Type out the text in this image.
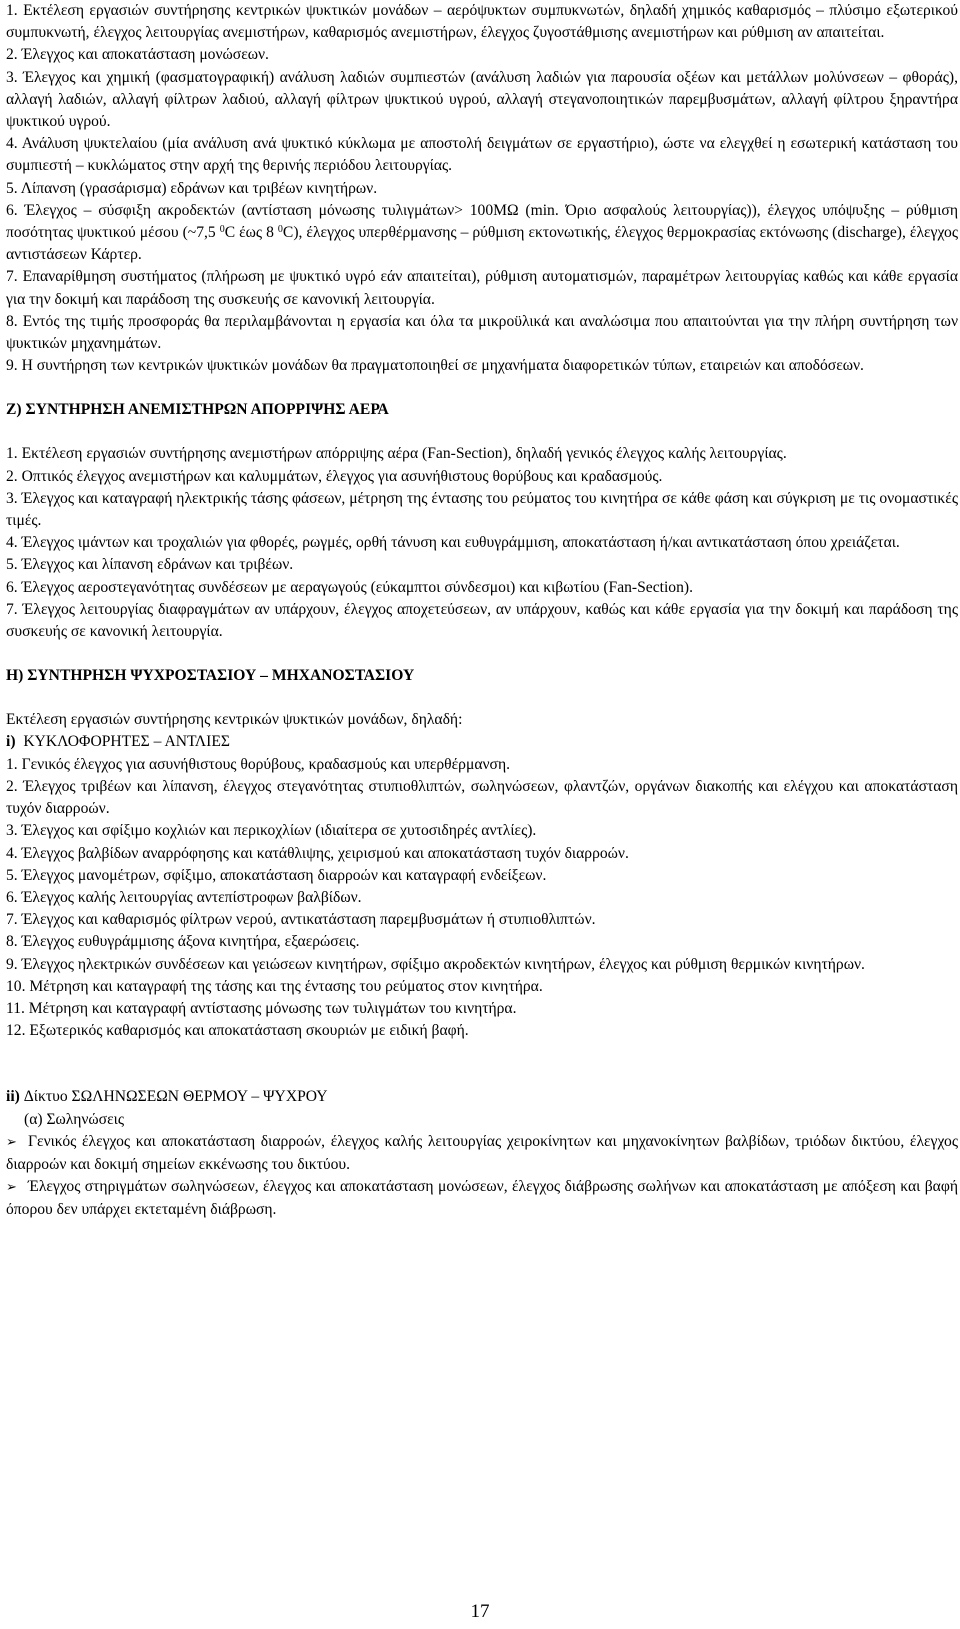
1. Εκτέλεση εργασιών συντήρησης κεντρικών ψυκτικών μονάδων – αερόψυκτων συμπυκνωτών, δηλαδή χημικός καθαρισμός – πλύσιμο εξωτερικού συμπυκνωτή, έλεγχος λειτουργίας ανεμιστήρων, καθαρισμός ανεμιστήρων, έλεγχος ζυγοστάθμισης ανεμιστήρων και ρύθμιση αν απαιτείται.

2. Έλεγχος και αποκατάσταση μονώσεων.

3. Έλεγχος και χημική (φασματογραφική) ανάλυση λαδιών συμπιεστών (ανάλυση λαδιών για παρουσία οξέων και μετάλλων μολύνσεων – φθοράς), αλλαγή λαδιών, αλλαγή φίλτρων λαδιού, αλλαγή φίλτρων ψυκτικού υγρού, αλλαγή στεγανοποιητικών παρεμβυσμάτων, αλλαγή φίλτρου ξηραντήρα ψυκτικού υγρού.

4. Ανάλυση ψυκτελαίου (μία ανάλυση ανά ψυκτικό κύκλωμα με αποστολή δειγμάτων σε εργαστήριο), ώστε να ελεγχθεί η εσωτερική κατάσταση του συμπιεστή – κυκλώματος στην αρχή της θερινής περιόδου λειτουργίας.

5. Λίπανση (γρασάρισμα) εδράνων και τριβέων κινητήρων.

6. Έλεγχος – σύσφιξη ακροδεκτών (αντίσταση μόνωσης τυλιγμάτων> 100ΜΩ (min. Όριο ασφαλούς λειτουργίας)), έλεγχος υπόψυξης – ρύθμιση ποσότητας ψυκτικού μέσου (~7,5 $^0$C έως 8 $^0$C), έλεγχος υπερθέρμανσης – ρύθμιση εκτονωτικής, έλεγχος θερμοκρασίας εκτόνωσης (discharge), έλεγχος αντιστάσεων Κάρτερ.

7. Επαναρίθμηση συστήματος (πλήρωση με ψυκτικό υγρό εάν απαιτείται), ρύθμιση αυτοματισμών, παραμέτρων λειτουργίας καθώς και κάθε εργασία για την δοκιμή και παράδοση της συσκευής σε κανονική λειτουργία.

8. Εντός της τιμής προσφοράς θα περιλαμβάνονται η εργασία και όλα τα μικροϋλικά και αναλώσιμα που απαιτούνται για την πλήρη συντήρηση των ψυκτικών μηχανημάτων.

9. Η συντήρηση των κεντρικών ψυκτικών μονάδων θα πραγματοποιηθεί σε μηχανήματα διαφορετικών τύπων, εταιρειών και αποδόσεων.

Ζ) ΣΥΝΤΗΡΗΣΗ ΑΝΕΜΙΣΤΗΡΩΝ ΑΠΟΡΡΙΨΗΣ ΑΕΡΑ

1. Εκτέλεση εργασιών συντήρησης ανεμιστήρων απόρριψης αέρα (Fan-Section), δηλαδή γενικός έλεγχος καλής λειτουργίας.

2. Οπτικός έλεγχος ανεμιστήρων και καλυμμάτων, έλεγχος για ασυνήθιστους θορύβους και κραδασμούς.

3. Έλεγχος και καταγραφή ηλεκτρικής τάσης φάσεων, μέτρηση της έντασης του ρεύματος του κινητήρα σε κάθε φάση και σύγκριση με τις ονομαστικές τιμές.

4. Έλεγχος ιμάντων και τροχαλιών για φθορές, ρωγμές, ορθή τάνυση και ευθυγράμμιση, αποκατάσταση ή/και αντικατάσταση όπου χρειάζεται.

5. Έλεγχος και λίπανση εδράνων και τριβέων.

6. Έλεγχος αεροστεγανότητας συνδέσεων με αεραγωγούς (εύκαμπτοι σύνδεσμοι) και κιβωτίου (Fan-Section).

7. Έλεγχος λειτουργίας διαφραγμάτων αν υπάρχουν, έλεγχος αποχετεύσεων, αν υπάρχουν, καθώς και κάθε εργασία για την δοκιμή και παράδοση της συσκευής σε κανονική λειτουργία.

Η) ΣΥΝΤΗΡΗΣΗ ΨΥΧΡΟΣΤΑΣΙΟΥ – ΜΗΧΑΝΟΣΤΑΣΙΟΥ

Εκτέλεση εργασιών συντήρησης κεντρικών ψυκτικών μονάδων, δηλαδή:

i) ΚΥΚΛΟΦΟΡΗΤΕΣ – ΑΝΤΛΙΕΣ

1. Γενικός έλεγχος για ασυνήθιστους θορύβους, κραδασμούς και υπερθέρμανση.

2. Έλεγχος τριβέων και λίπανση, έλεγχος στεγανότητας στυπιοθλιπτών, σωληνώσεων, φλαντζών, οργάνων διακοπής και ελέγχου και αποκατάσταση τυχόν διαρροών.

3. Έλεγχος και σφίξιμο κοχλιών και περικοχλίων (ιδιαίτερα σε χυτοσιδηρές αντλίες).

4. Έλεγχος βαλβίδων αναρρόφησης και κατάθλιψης, χειρισμού και αποκατάσταση τυχόν διαρροών.

5. Έλεγχος μανομέτρων, σφίξιμο, αποκατάσταση διαρροών και καταγραφή ενδείξεων.

6. Έλεγχος καλής λειτουργίας αντεπίστροφων βαλβίδων.

7. Έλεγχος και καθαρισμός φίλτρων νερού, αντικατάσταση παρεμβυσμάτων ή στυπιοθλιπτών.

8. Έλεγχος ευθυγράμμισης άξονα κινητήρα, εξαερώσεις.

9. Έλεγχος ηλεκτρικών συνδέσεων και γειώσεων κινητήρων, σφίξιμο ακροδεκτών κινητήρων, έλεγχος και ρύθμιση θερμικών κινητήρων.

10. Μέτρηση και καταγραφή της τάσης και της έντασης του ρεύματος στον κινητήρα.

11. Μέτρηση και καταγραφή αντίστασης μόνωσης των τυλιγμάτων του κινητήρα.

12. Εξωτερικός καθαρισμός και αποκατάσταση σκουριών με ειδική βαφή.

ii) Δίκτυο ΣΩΛΗΝΩΣΕΩΝ ΘΕΡΜΟΥ – ΨΥΧΡΟΥ

(α) Σωληνώσεις

➢ Γενικός έλεγχος και αποκατάσταση διαρροών, έλεγχος καλής λειτουργίας χειροκίνητων και μηχανοκίνητων βαλβίδων, τριόδων δικτύου, έλεγχος διαρροών και δοκιμή σημείων εκκένωσης του δικτύου.

➢ Έλεγχος στηριγμάτων σωληνώσεων, έλεγχος και αποκατάσταση μονώσεων, έλεγχος διάβρωσης σωλήνων και αποκατάσταση με απόξεση και βαφή όπορου δεν υπάρχει εκτεταμένη διάβρωση.

17
